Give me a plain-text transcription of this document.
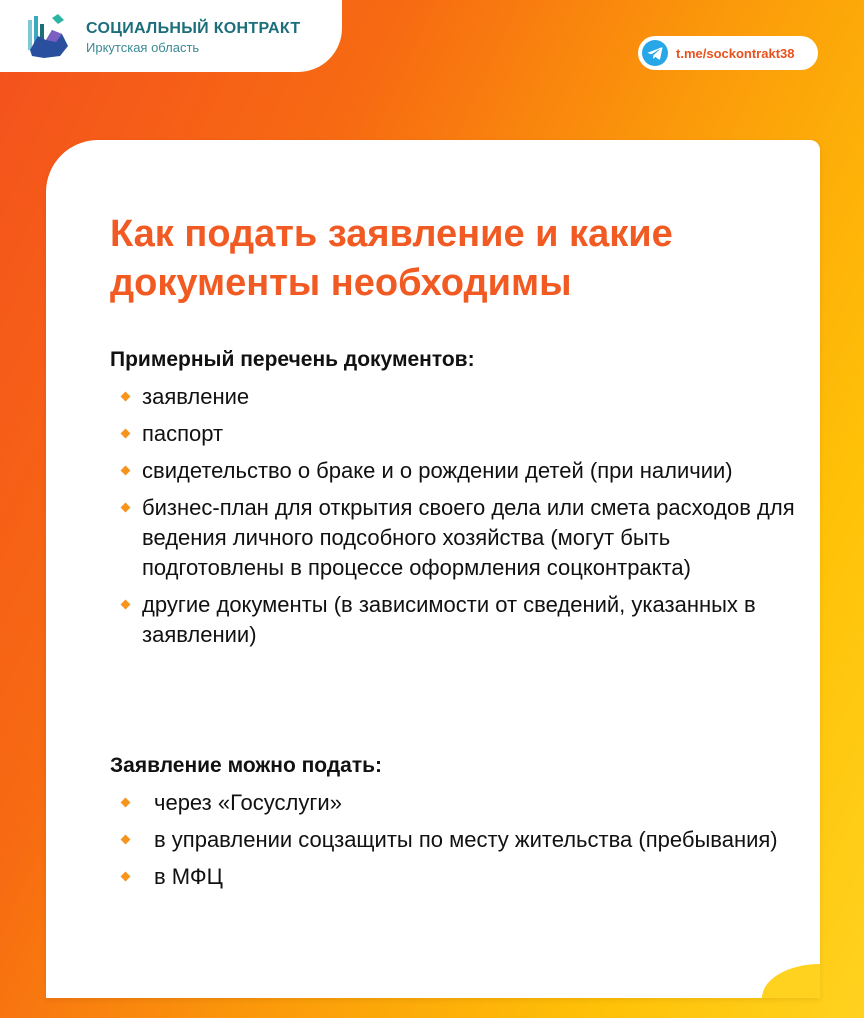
СОЦИАЛЬНЫЙ КОНТРАКТ
Иркутская область	t.me/sockontrakt38
Как подать заявление и какие документы необходимы
Примерный перечень документов:
заявление
паспорт
свидетельство о браке и о рождении детей (при наличии)
бизнес-план для открытия своего дела или смета расходов для ведения личного подсобного хозяйства (могут быть подготовлены в процессе оформления соцконтракта)
другие документы (в зависимости от сведений, указанных в заявлении)
Заявление можно подать:
через «Госуслуги»
в управлении соцзащиты по месту жительства (пребывания)
в МФЦ
